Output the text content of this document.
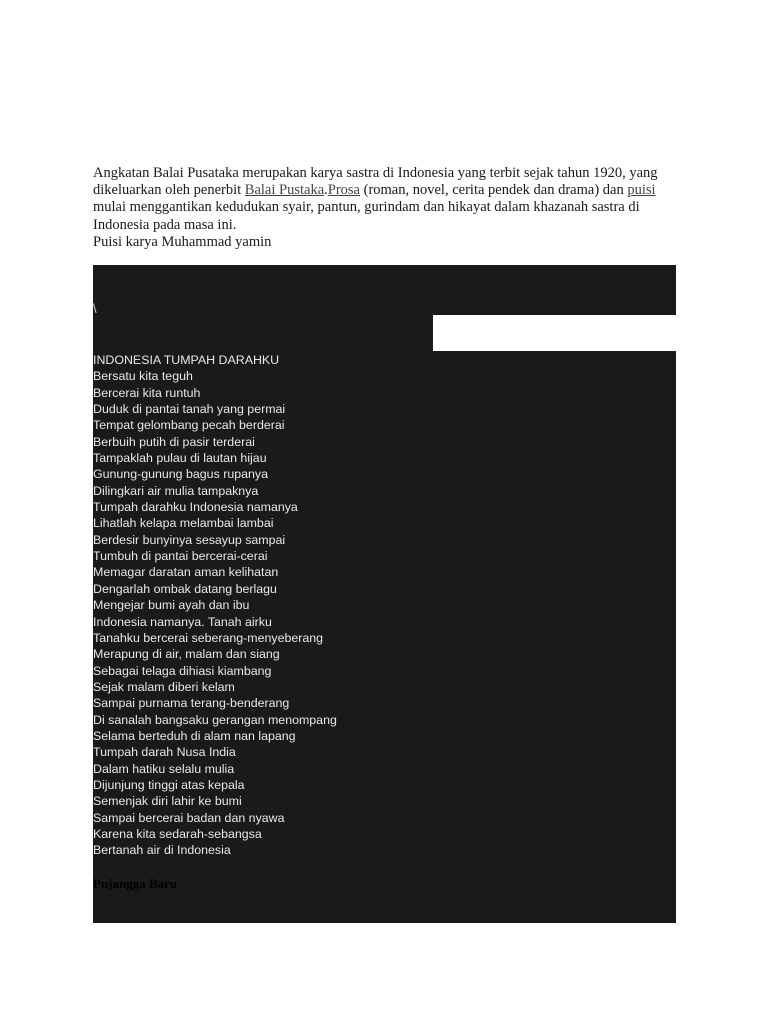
Angkatan Balai Pusataka merupakan karya sastra di Indonesia yang terbit sejak tahun 1920, yang dikeluarkan oleh penerbit Balai Pustaka.Prosa (roman, novel, cerita pendek dan drama) dan puisi mulai menggantikan kedudukan syair, pantun, gurindam dan hikayat dalam khazanah sastra di Indonesia pada masa ini.

Puisi karya Muhammad yamin

\
INDONESIA TUMPAH DARAHKU
Bersatu kita teguh
Bercerai kita runtuh
Duduk di pantai tanah yang permai
Tempat gelombang pecah berderai
Berbuih putih di pasir terderai
Tampaklah pulau di lautan hijau
Gunung-gunung bagus rupanya
Dilingkari air mulia tampaknya
Tumpah darahku Indonesia namanya
Lihatlah kelapa melambai lambai
Berdesir bunyinya sesayup sampai
Tumbuh di pantai bercerai-cerai
Memagar daratan aman kelihatan
Dengarlah ombak datang berlagu
Mengejar bumi ayah dan ibu
Indonesia namanya. Tanah airku
Tanahku bercerai seberang-menyeberang
Merapung di air, malam dan siang
Sebagai telaga dihiasi kiambang
Sejak malam diberi kelam
Sampai purnama terang-benderang
Di sanalah bangsaku gerangan menompang
Selama berteduh di alam nan lapang
Tumpah darah Nusa India
Dalam hatiku selalu mulia
Dijunjung tinggi atas kepala
Semenjak diri lahir ke bumi
Sampai bercerai badan dan nyawa
Karena kita sedarah-sebangsa
Bertanah air di Indonesia
Pujangga Baru
